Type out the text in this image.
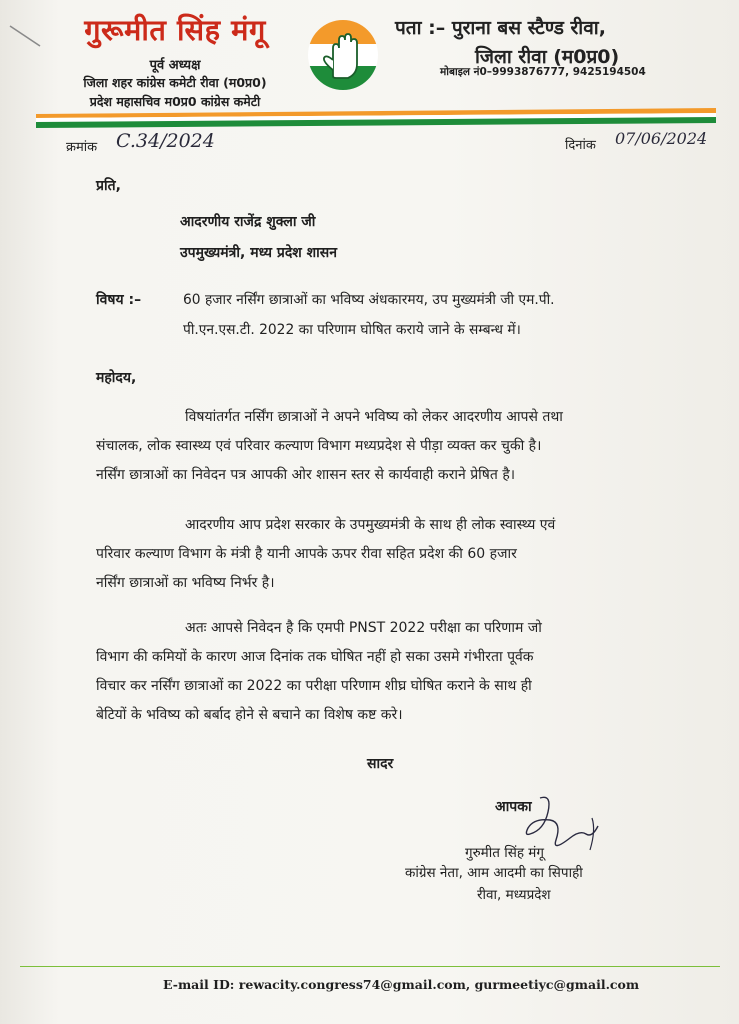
गुरूमीत सिंह मंगू
पूर्व अध्यक्ष
जिला शहर कांग्रेस कमेटी रीवा (म0प्र0)
प्रदेश महासचिव म0प्र0 कांग्रेस कमेटी
पता :– पुराना बस स्टैण्ड रीवा,
जिला रीवा (म0प्र0)
मोबाइल नं0–9993876777, 9425194504
क्रमांक C.34/2024	दिनांक 07/06/2024
प्रति,
आदरणीय राजेंद्र शुक्ला जी
उपमुख्यमंत्री, मध्य प्रदेश शासन
विषय :–	60 हजार नर्सिंग छात्राओं का भविष्य अंधकारमय, उप मुख्यमंत्री जी एम.पी.
पी.एन.एस.टी. 2022 का परिणाम घोषित कराये जाने के सम्बन्ध में।
महोदय,
विषयांतर्गत नर्सिंग छात्राओं ने अपने भविष्य को लेकर आदरणीय आपसे तथा
संचालक, लोक स्वास्थ्य एवं परिवार कल्याण विभाग मध्यप्रदेश से पीड़ा व्यक्त कर चुकी है।
नर्सिंग छात्राओं का निवेदन पत्र आपकी ओर शासन स्तर से कार्यवाही कराने प्रेषित है।
आदरणीय आप प्रदेश सरकार के उपमुख्यमंत्री के साथ ही लोक स्वास्थ्य एवं
परिवार कल्याण विभाग के मंत्री है यानी आपके ऊपर रीवा सहित प्रदेश की 60 हजार
नर्सिंग छात्राओं का भविष्य निर्भर है।
अतः आपसे निवेदन है कि एमपी PNST 2022 परीक्षा का परिणाम जो
विभाग की कमियों के कारण आज दिनांक तक घोषित नहीं हो सका उसमे गंभीरता पूर्वक
विचार कर नर्सिंग छात्राओं का 2022 का परीक्षा परिणाम शीघ्र घोषित कराने के साथ ही
बेटियों के भविष्य को बर्बाद होने से बचाने का विशेष कष्ट करे।
सादर
आपका
गुरुमीत सिंह मंगू
कांग्रेस नेता, आम आदमी का सिपाही
रीवा, मध्यप्रदेश
E-mail ID: rewacity.congress74@gmail.com, gurmeetiyc@gmail.com
